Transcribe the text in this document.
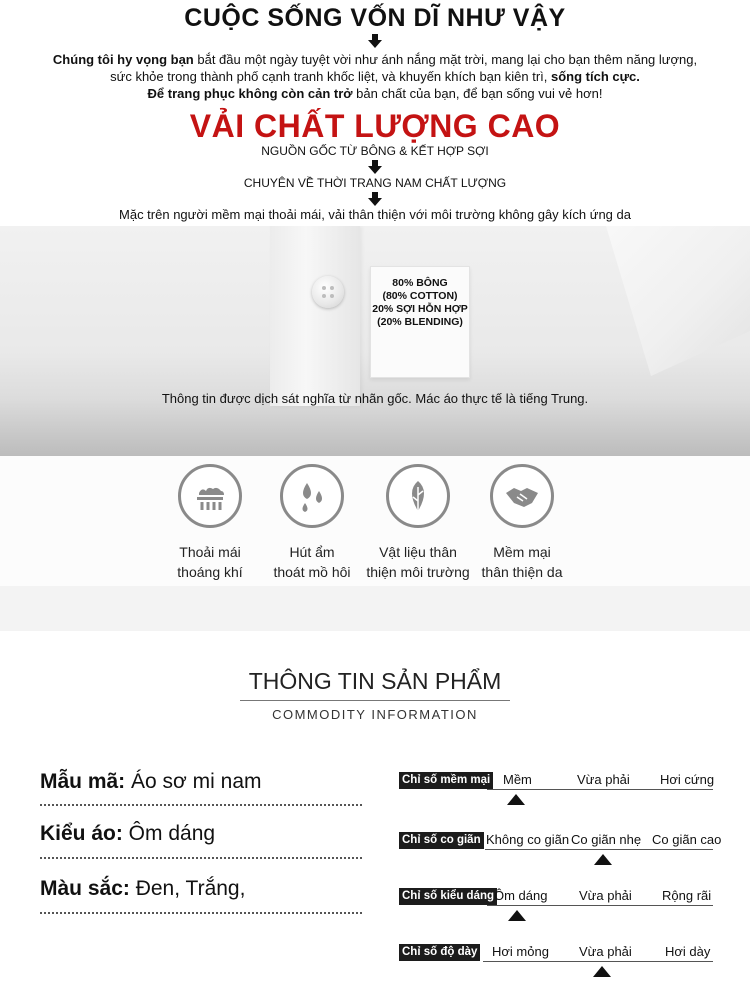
CUỘC SỐNG VỐN DĨ NHƯ VẬY
Chúng tôi hy vọng bạn bắt đầu một ngày tuyệt vời như ánh nắng mặt trời, mang lại cho bạn thêm năng lượng,
sức khỏe trong thành phố cạnh tranh khốc liệt, và khuyến khích bạn kiên trì, sống tích cực.
Để trang phục không còn cản trở bản chất của bạn, để bạn sống vui vẻ hơn!
VẢI CHẤT LƯỢNG CAO
NGUỒN GỐC TỪ BÔNG & KẾT HỢP SỢI
CHUYÊN VỀ THỜI TRANG NAM CHẤT LƯỢNG
Mặc trên người mềm mại thoải mái, vải thân thiện với môi trường không gây kích ứng da
80% BÔNG
(80% COTTON)
20% SỢI HỖN HỢP
(20% BLENDING)
Thông tin được dịch sát nghĩa từ nhãn gốc. Mác áo thực tế là tiếng Trung.
Thoải mái
thoáng khí
Hút ẩm
thoát mồ hôi
Vật liệu thân
thiện môi trường
Mềm mại
thân thiện da
THÔNG TIN SẢN PHẨM
COMMODITY INFORMATION
Mẫu mã: Áo sơ mi nam
Kiểu áo: Ôm dáng
Màu sắc: Đen, Trắng,
Chỉ số mềm mại Mềm	Vừa phải Hơi cứng
Chỉ số co giãn Không co giãn Co giãn nhẹ Co giãn cao
Chỉ số kiểu dáng Ôm dáng Vừa phải Rộng rãi
Chỉ số độ dày Hơi mỏng Vừa phải	Hơi dày
